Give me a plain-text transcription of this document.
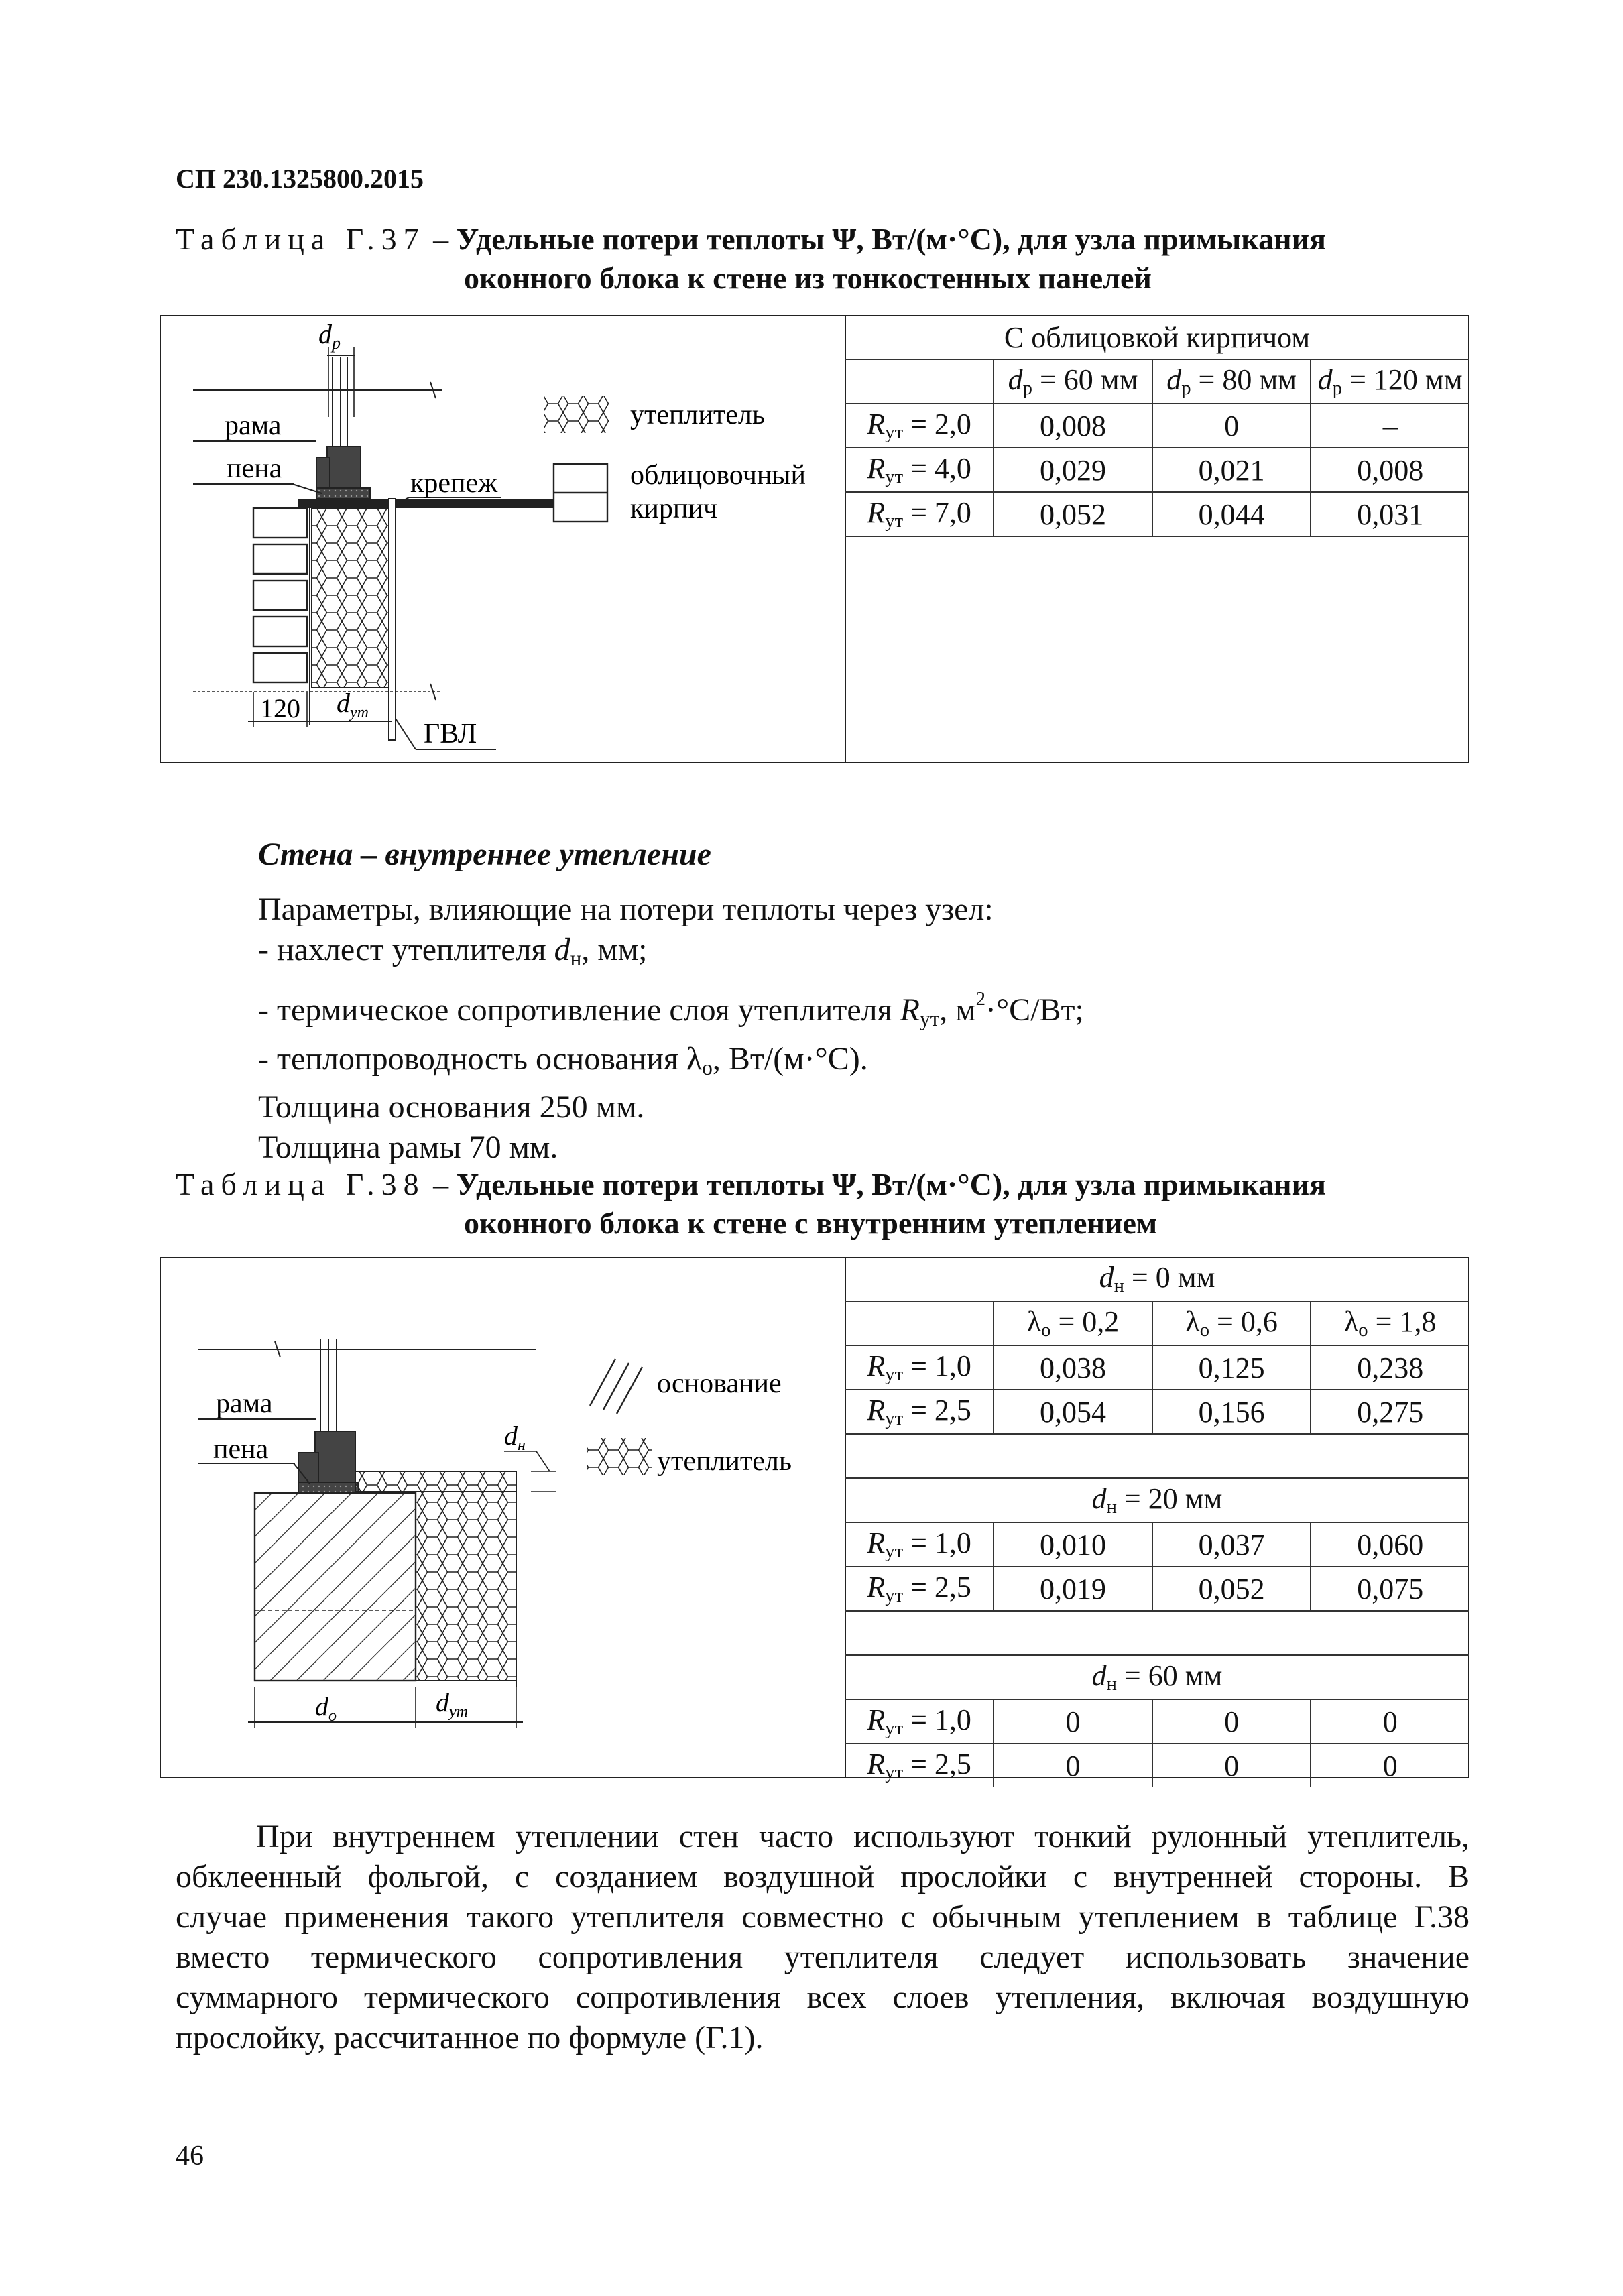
СП 230.1325800.2015
Таблица Г.37 – Удельные потери теплоты Ψ, Вт/(м·°С), для узла примыкания
оконного блока к стене из тонкостенных панелей
$d_р$
120 $d_{ут}$
рама
пена	крепеж
ГВЛ
утеплитель
облицовочный
кирпич
С облицовкой кирпичом			
	$d_р = 60$ мм	$d_р = 80$ мм	$d_р = 120$ мм
$R_{ут} = 2,0$	0,008	0	–
$R_{ут} = 4,0$	0,029	0,021	0,008
$R_{ут} = 7,0$	0,052	0,044	0,031
Стена – внутреннее утепление
Параметры, влияющие на потери теплоты через узел:
- нахлест утеплителя $d_н$, мм;
- термическое сопротивление слоя утеплителя $R_{ут}$, $м^2\cdot^\circ С/Вт$;
- теплопроводность основания $\lambda_о$, Вт/(м·°С).
Толщина основания 250 мм.
Толщина рамы 70 мм.
Таблица Г.38 – Удельные потери теплоты Ψ, Вт/(м·°С), для узла примыкания
оконного блока к стене с внутренним утеплением
$d_н$
$d_о$	$d_{ут}$
рама
пена
основание
утеплитель
$d_н = 0$ мм			
	$\lambda_о = 0,2$	$\lambda_о = 0,6$	$\lambda_о = 1,8$
$R_{ут} = 1,0$	0,038	0,125	0,238
$R_{ут} = 2,5$	0,054	0,156	0,275

$d_н = 20$ мм			
$R_{ут} = 1,0$	0,010	0,037	0,060
$R_{ут} = 2,5$	0,019	0,052	0,075

$d_н = 60$ мм			
$R_{ут} = 1,0$	0	0	0
$R_{ут} = 2,5$	0	0	0
При внутреннем утеплении стен часто используют тонкий рулонный утеплитель,
обклеенный фольгой, с созданием воздушной прослойки с внутренней стороны. В
случае применения такого утеплителя совместно с обычным утеплением в таблице Г.38
вместо термического сопротивления утеплителя следует использовать значение
суммарного термического сопротивления всех слоев утепления, включая воздушную
прослойку, рассчитанное по формуле (Г.1).
46
